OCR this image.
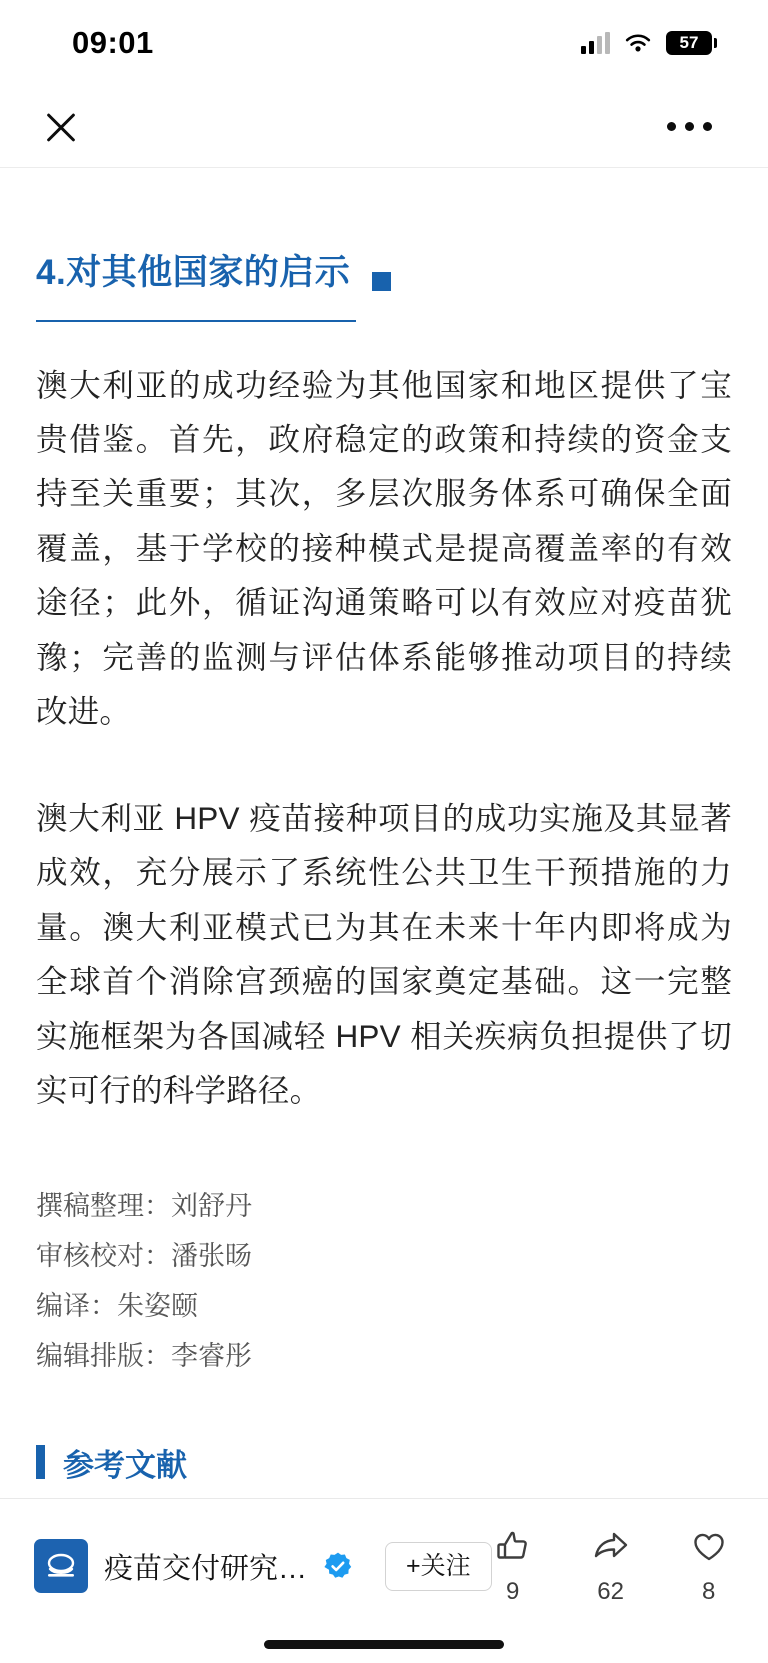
09:01	57
4.对其他国家的启示

澳大利亚的成功经验为其他国家和地区提供了宝贵借鉴。首先，政府稳定的政策和持续的资金支持至关重要；其次，多层次服务体系可确保全面覆盖，基于学校的接种模式是提高覆盖率的有效途径；此外，循证沟通策略可以有效应对疫苗犹豫；完善的监测与评估体系能够推动项目的持续改进。

澳大利亚 HPV 疫苗接种项目的成功实施及其显著成效，充分展示了系统性公共卫生干预措施的力量。澳大利亚模式已为其在未来十年内即将成为全球首个消除宫颈癌的国家奠定基础。这一完整实施框架为各国减轻 HPV 相关疾病负担提供了切实可行的科学路径。

撰稿整理：刘舒丹
审核校对：潘张旸
编译：朱姿颐
编辑排版：李睿彤
参考文献
疫苗交付研究…	+关注
9	62	8
